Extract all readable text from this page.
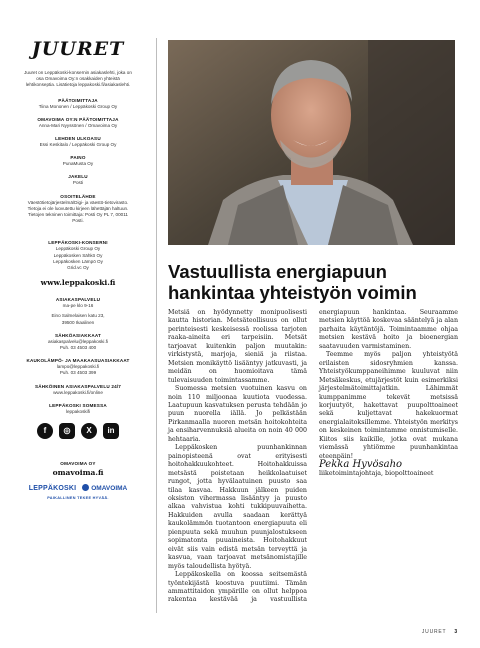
JUURET
Juuret on Leppäkoski-konsernin asiakaslehti, joka on osa Omavoima Oy:n osakkaiden yhteistä lehtikonseptia. Lisätietoja leppakoski.fi/asiakaslehti.
PÄÄTOIMITTAJA
Tiina Mononen / Leppäkoski Group Oy
OMAVOIMA OY:N PÄÄTOIMITTAJA
Anna-Mari Nyyssönen / Omavoima Oy
LEHDEN ULKOASU
Essi Keskitalo / Leppäkoski Group Oy
PAINO
PunaMusta Oy
JAKELU
Posti
OSOITELÄHDE
Väestötietojärjestelmä/Digi- ja väestö-tietovirasto. Tietoja ei ole luovutettu kirjeen lähettäjän haltuun. Tietojen tekninen toimittaja: Posti Oy PL 7, 00011 Posti.
LEPPÄKOSKI-KONSERNI
Leppäkoski Group Oy
Leppäkosken Sähkö Oy
Leppäkosken Lämpö Oy
Grid.vc Oy
www.leppakoski.fi
ASIAKASPALVELU
ma-pe klo 9-16
Eino Salmelaisen katu 23,
39500 Ikaalinen
SÄHKÖASIAKKAAT
asiakaspalvelu@leppakoski.fi
Puh. 03 4503 400
KAUKOLÄMPÖ- JA MAAKAASUASIAKKAAT
lampo@leppakoski.fi
Puh. 03 4503 399
SÄHKÖINEN ASIAKASPALVELU 24/7
www.leppakoski.fi/online
LEPPÄKOSKI SOMESSA
leppakoskifi
f	◎	X	in
OMAVOIMA OY
omavoima.fi
LEPPÄKOSKI	OMAVOIMA
PAIKALLINEN TEKEE HYVÄÄ.
Vastuullista energiapuun hankintaa yhteistyön voimin

Metsiä on hyödynnetty monipuolisesti kautta historian. Metsäteollisuus on ollut perinteisesti keskeisessä roolissa tarjoten raaka-aineita eri tarpeisiin. Metsät tarjoavat kuitenkin paljon muutakin: virkistystä, marjoja, sieniä ja riistaa. Metsien monikäyttö lisääntyy jatkuvasti, ja meidän on huomioitava tämä tulevaisuuden toimintassamme.

Suomessa metsien vuotuinen kasvu on noin 110 miljoonaa kuutiota vuodessa. Laatupuun kasvatuksen perusta tehdään jo puun nuorella iällä. Jo pelkästään Pirkanmaalla nuoren metsän hoitokohteita ja ensiharvennuksiä alueita on noin 40 000 hehtaaria.

Leppäkosken puunhankinnan painopisteenä ovat erityisesti hoitohakkuukohteet. Hoitohakkuissa metsästä poistetaan heikkolaatuiset rungot, jotta hyvälaatuinen puusto saa tilaa kasvaa. Hakkuun jälkeen puiden oksiston vihermassa lisääntyy ja puusto alkaa vahvistua kohti tukkipuuvaihetta. Hakkuiden avulla saadaan kerättyä kaukolämmön tuotantoon energiapuuta eli pienpuuta sekä muuhun puunjalostukseen sopimatonta puuaineista. Hoitohakkuut eivät siis vain edistä metsän terveyttä ja kasvua, vaan tarjoavat metsänomistajille myös taloudellista hyötyä.

Leppäkoskella on koossa seitsemästä työntekijästä koostuva puutiimi. Tämän ammattitaidon ympärille on ollut helppoa rakentaa kestävää ja vastuullista energiapuun hankintaa. Seuraamme metsien käyttöä koskevaa sääntelyä ja alan parhaita käytäntöjä. Toimintaamme ohjaa metsien kestävä hoito ja bioenergian saatavuuden varmistaminen.

Teemme myös paljon yhteistyötä erilaisten sidosryhmien kanssa. Yhteistyökumppaneihimme kuuluvat niin Metsäkeskus, etujärjestöt kuin esimerkiksi järjestelmätoimittajatkin. Lähimmät kumppanimme tekevät metsissä korjuutyöt, hakettavat puupolttoaineet sekä kuljettavat hakekuormat energialaitoksillemme. Yhteistyön merkitys on keskeinen toimintamme onnistumiselle. Kiitos siis kaikille, jotka ovat mukana viemässä yhtiömme puunhankintaa eteenpäin!

Pekka Hyvösaho

liiketoimintajohtaja, biopolttoaineet

JUURET 3
